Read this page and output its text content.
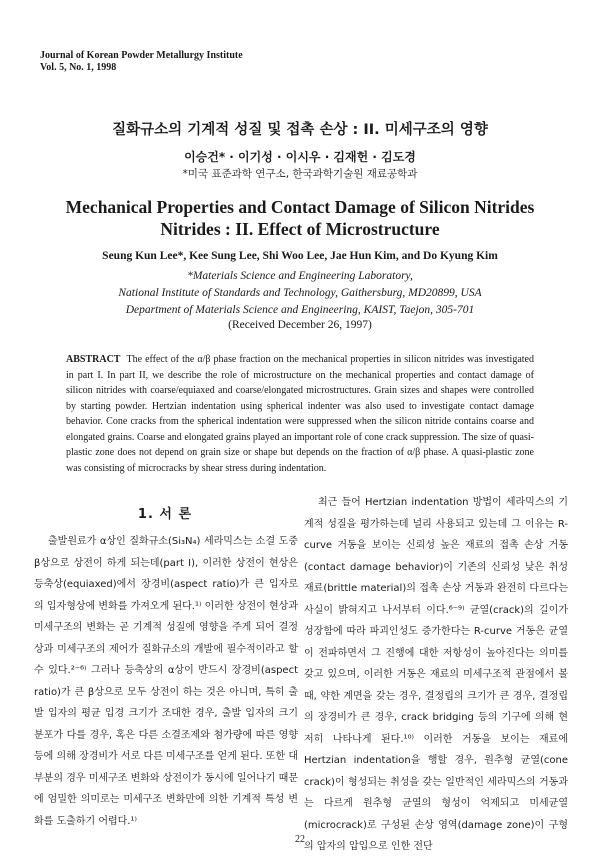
Journal of Korean Powder Metallurgy Institute
Vol. 5, No. 1, 1998
질화규소의 기계적 성질 및 접촉 손상 : II. 미세구조의 영향
이승건* · 이기성 · 이시우 · 김재헌 · 김도경
*미국 표준과학 연구소, 한국과학기술원 재료공학과
Mechanical Properties and Contact Damage of Silicon Nitrides
Nitrides : II. Effect of Microstructure
Seung Kun Lee*, Kee Sung Lee, Shi Woo Lee, Jae Hun Kim, and Do Kyung Kim
*Materials Science and Engineering Laboratory,
National Institute of Standards and Technology, Gaithersburg, MD20899, USA
Department of Materials Science and Engineering, KAIST, Taejon, 305-701
(Received December 26, 1997)
ABSTRACT The effect of the α/β phase fraction on the mechanical properties in silicon nitrides was investigated in part I. In part II, we describe the role of microstructure on the mechanical properties and contact damage of silicon nitrides with coarse/equiaxed and coarse/elongated microstructures. Grain sizes and shapes were controlled by starting powder. Hertzian indentation using spherical indenter was also used to investigate contact damage behavior. Cone cracks from the spherical indentation were suppressed when the silicon nitride contains coarse and elongated grains. Coarse and elongated grains played an important role of cone crack suppression. The size of quasi-plastic zone does not depend on grain size or shape but depends on the fraction of α/β phase. A quasi-plastic zone was consisting of microcracks by shear stress during indentation.
1. 서 론

출발원료가 α상인 질화규소(Si₃N₄) 세라믹스는 소결 도중 β상으로 상전이 하게 되는데(part I), 이러한 상전이 현상은 등축상(equiaxed)에서 장경비(aspect ratio)가 큰 입자로의 입자형상에 변화를 가져오게 된다.¹⁾ 이러한 상전이 현상과 미세구조의 변화는 곧 기계적 성질에 영향을 주게 되어 결정 상과 미세구조의 제어가 질화규소의 개발에 필수적이라고 할 수 있다.²⁻⁶⁾ 그러나 등축상의 α상이 반드시 장경비(aspect ratio)가 큰 β상으로 모두 상전이 하는 것은 아니며, 특히 출발 입자의 평균 입경 크기가 조대한 경우, 출발 입자의 크기 분포가 다를 경우, 혹은 다른 소결조제와 첨가량에 따른 영향 등에 의해 장경비가 서로 다른 미세구조를 얻게 된다. 또한 대부분의 경우 미세구조 변화와 상전이가 동시에 일어나기 때문에 엄밀한 의미로는 미세구조 변화만에 의한 기계적 특성 변화를 도출하기 어렵다.¹⁾

최근 들어 Hertzian indentation 방법이 세라믹스의 기계적 성질을 평가하는데 널리 사용되고 있는데 그 이유는 R-curve 거동을 보이는 신뢰성 높은 재료의 접촉 손상 거동(contact damage behavior)이 기존의 신뢰성 낮은 취성재료(brittle material)의 접촉 손상 거동과 완전히 다르다는 사실이 밝혀지고 나서부터 이다.⁶⁻⁹⁾ 균열(crack)의 길이가 성장함에 따라 파괴인성도 증가한다는 R-curve 거동은 균열이 전파하면서 그 진행에 대한 저항성이 높아진다는 의미를 갖고 있으며, 이러한 거동은 재료의 미세구조적 관점에서 볼 때, 약한 계면을 갖는 경우, 결정립의 크기가 큰 경우, 결정립의 장경비가 큰 경우, crack bridging 등의 기구에 의해 현저히 나타나게 된다.¹⁰⁾ 이러한 거동을 보이는 재료에 Hertzian indentation을 행할 경우, 원추형 균열(cone crack)이 형성되는 취성을 갖는 일반적인 세라믹스의 거동과는 다르게 원추형 균열의 형성이 억제되고 미세균열(microcrack)로 구성된 손상 영역(damage zone)이 구형의 압자의 압입으로 인한 전단

22
